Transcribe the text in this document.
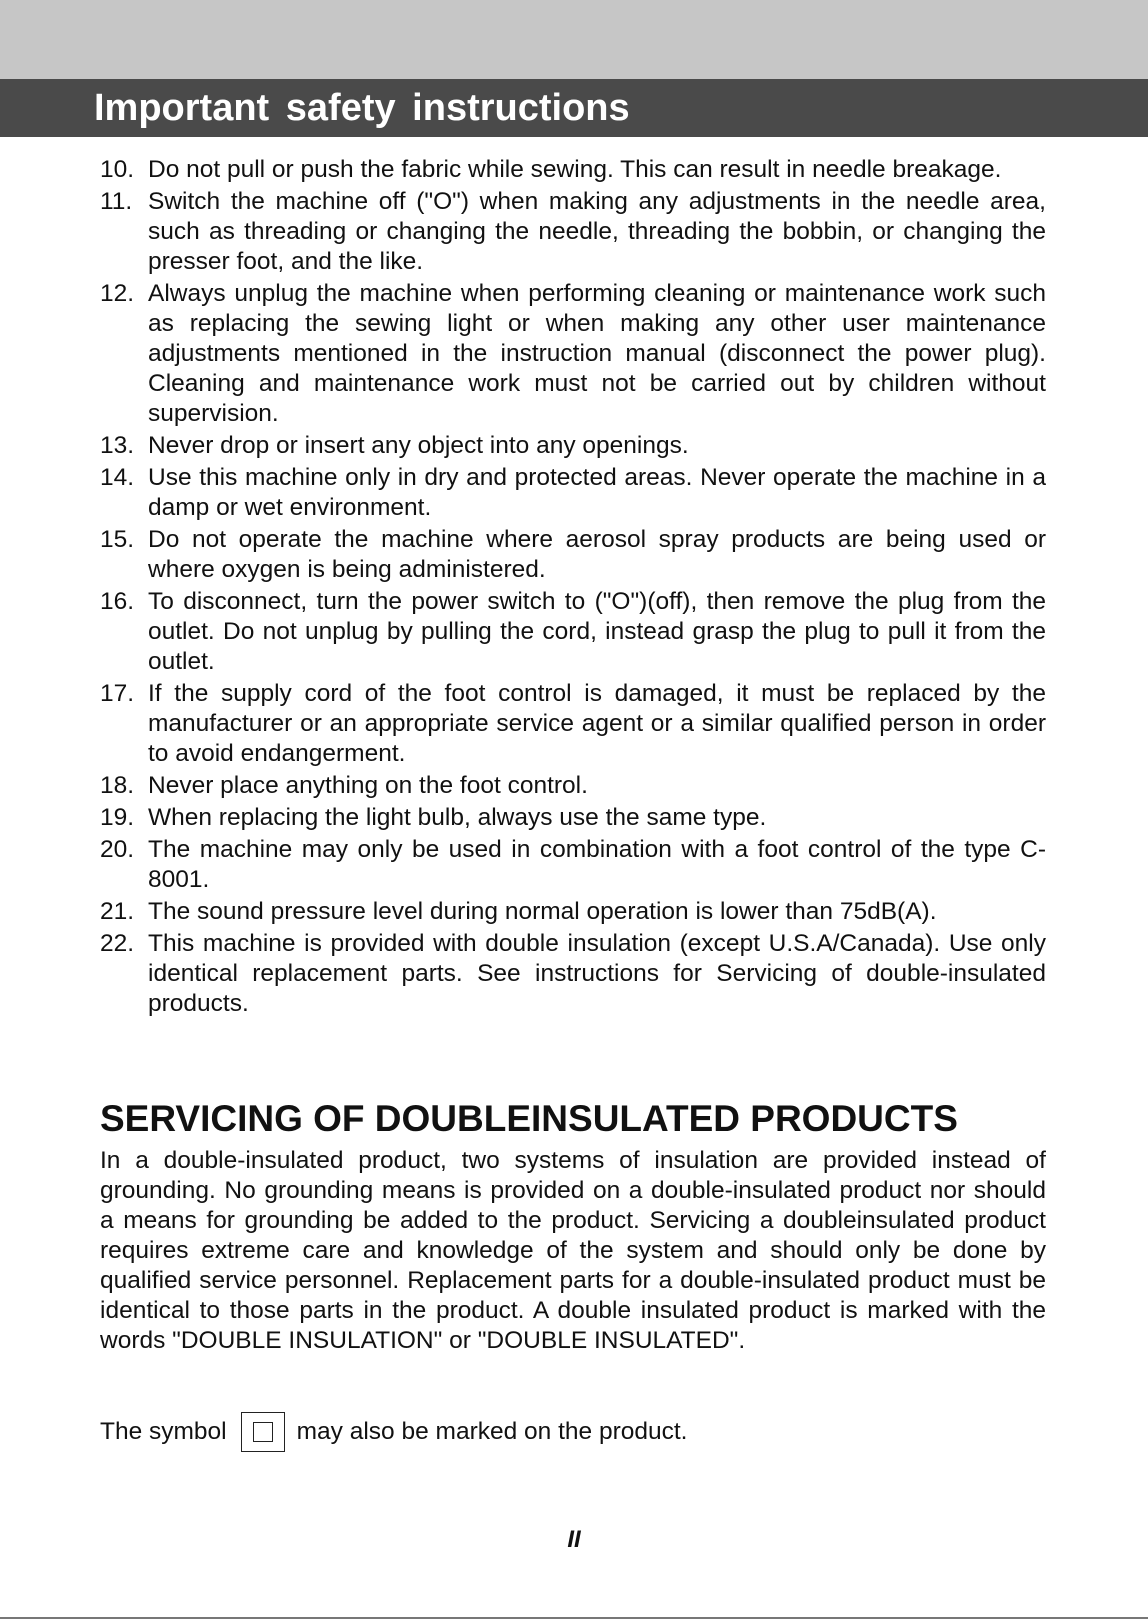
Important safety instructions
10. Do not pull or push the fabric while sewing. This can result in needle breakage.
11. Switch the machine off ("O") when making any adjustments in the needle area, such as threading or changing the needle, threading the bobbin, or changing the presser foot, and the like.
12. Always unplug the machine when performing cleaning or maintenance work such as replacing the sewing light or when making any other user maintenance adjustments mentioned in the instruction manual (disconnect the power plug). Cleaning and maintenance work must not be carried out by children without supervision.
13. Never drop or insert any object into any openings.
14. Use this machine only in dry and protected areas. Never operate the machine in a damp or wet environment.
15. Do not operate the machine where aerosol spray products are being used or where oxygen is being administered.
16. To disconnect, turn the power switch to ("O")(off), then remove the plug from the outlet. Do not unplug by pulling the cord, instead grasp the plug to pull it from the outlet.
17. If the supply cord of the foot control is damaged, it must be replaced by the manufacturer or an appropriate service agent or a similar qualified person in order to avoid endangerment.
18. Never place anything on the foot control.
19. When replacing the light bulb, always use the same type.
20. The machine may only be used in combination with a foot control of the type C-8001.
21. The sound pressure level during normal operation is lower than 75dB(A).
22. This machine is provided with double insulation (except U.S.A/Canada). Use only identical replacement parts. See instructions for Servicing of double-insulated products.
SERVICING OF DOUBLEINSULATED PRODUCTS

In a double-insulated product, two systems of insulation are provided instead of grounding. No grounding means is provided on a double-insulated product nor should a means for grounding be added to the product. Servicing a doubleinsulated product requires extreme care and knowledge of the system and should only be done by qualified service personnel. Replacement parts for a double-insulated product must be identical to those parts in the product. A double insulated product is marked with the words "DOUBLE INSULATION" or "DOUBLE INSULATED".

The symbol	may also be marked on the product.
II
